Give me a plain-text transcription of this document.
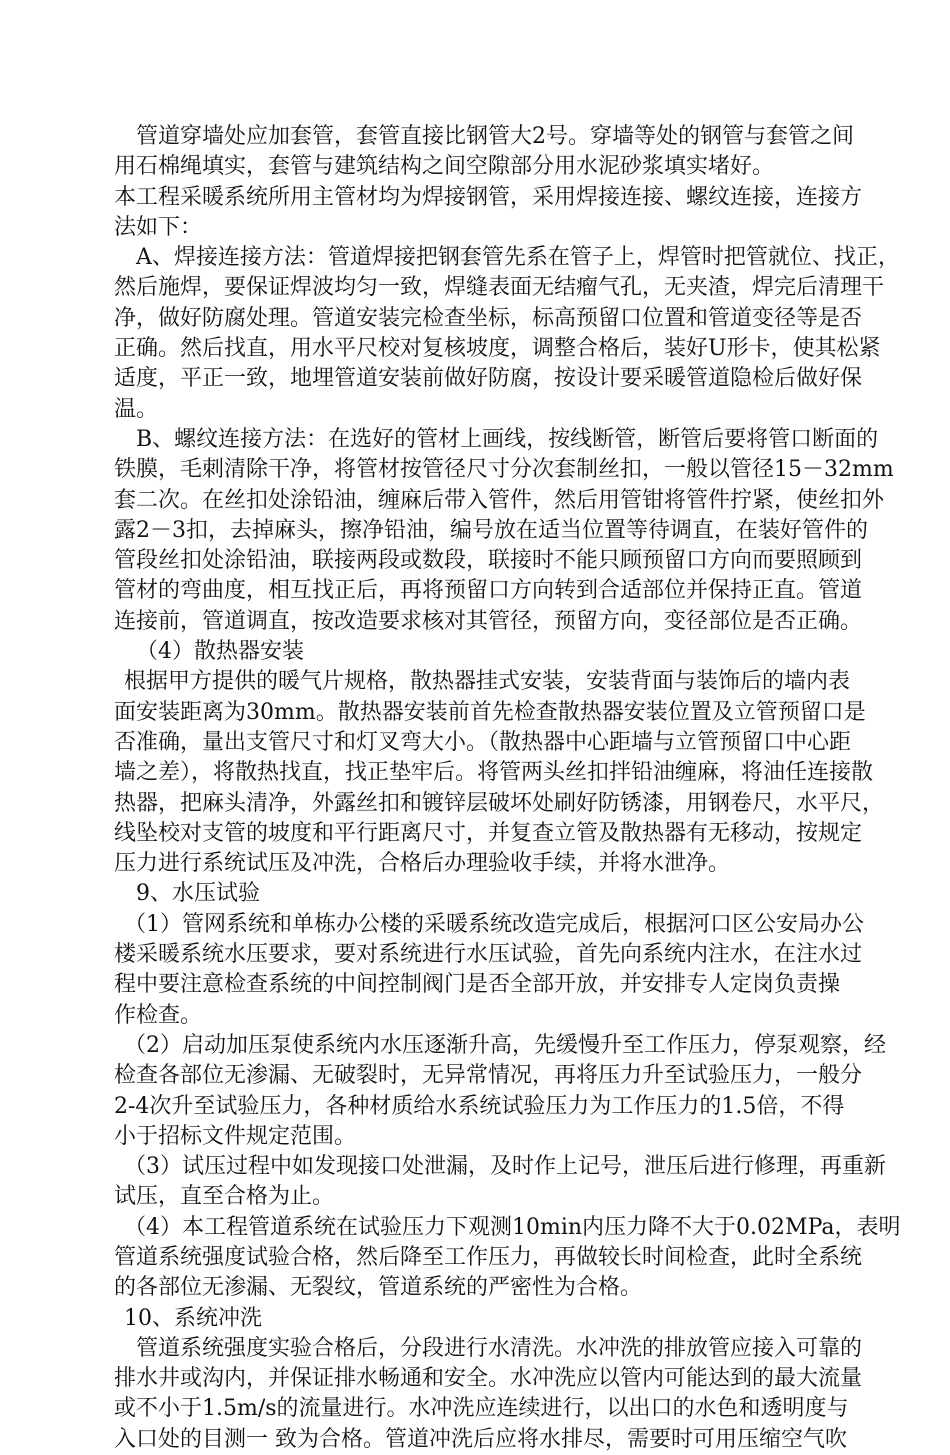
管道穿墙处应加套管，套管直接比钢管大2号。穿墙等处的钢管与套管之间
用石棉绳填实，套管与建筑结构之间空隙部分用水泥砂浆填实堵好。
本工程采暖系统所用主管材均为焊接钢管，采用焊接连接、螺纹连接，连接方
法如下：
A、焊接连接方法：管道焊接把钢套管先系在管子上，焊管时把管就位、找正，
然后施焊，要保证焊波均匀一致，焊缝表面无结瘤气孔，无夹渣，焊完后清理干
净，做好防腐处理。管道安装完检查坐标，标高预留口位置和管道变径等是否
正确。然后找直，用水平尺校对复核坡度，调整合格后，装好U形卡，使其松紧
适度，平正一致，地埋管道安装前做好防腐，按设计要采暖管道隐检后做好保
温。
B、螺纹连接方法：在选好的管材上画线，按线断管，断管后要将管口断面的
铁膜，毛刺清除干净，将管材按管径尺寸分次套制丝扣，一般以管径15－32mm
套二次。在丝扣处涂铅油，缠麻后带入管件，然后用管钳将管件拧紧，使丝扣外
露2－3扣，去掉麻头，擦净铅油，编号放在适当位置等待调直，在装好管件的
管段丝扣处涂铅油，联接两段或数段，联接时不能只顾预留口方向而要照顾到
管材的弯曲度，相互找正后，再将预留口方向转到合适部位并保持正直。管道
连接前，管道调直，按改造要求核对其管径，预留方向，变径部位是否正确。
（4）散热器安装
根据甲方提供的暖气片规格，散热器挂式安装，安装背面与装饰后的墙内表
面安装距离为30mm。散热器安装前首先检查散热器安装位置及立管预留口是
否准确，量出支管尺寸和灯叉弯大小。（散热器中心距墙与立管预留口中心距
墙之差），将散热找直，找正垫牢后。将管两头丝扣拌铅油缠麻，将油任连接散
热器，把麻头清净，外露丝扣和镀锌层破坏处刷好防锈漆，用钢卷尺，水平尺，
线坠校对支管的坡度和平行距离尺寸，并复查立管及散热器有无移动，按规定
压力进行系统试压及冲洗，合格后办理验收手续，并将水泄净。
9、水压试验
（1）管网系统和单栋办公楼的采暖系统改造完成后，根据河口区公安局办公
楼采暖系统水压要求，要对系统进行水压试验，首先向系统内注水，在注水过
程中要注意检查系统的中间控制阀门是否全部开放，并安排专人定岗负责操
作检查。
（2）启动加压泵使系统内水压逐渐升高，先缓慢升至工作压力，停泵观察，经
检查各部位无渗漏、无破裂时，无异常情况，再将压力升至试验压力，一般分
2-4次升至试验压力，各种材质给水系统试验压力为工作压力的1.5倍，不得
小于招标文件规定范围。
（3）试压过程中如发现接口处泄漏，及时作上记号，泄压后进行修理，再重新
试压，直至合格为止。
（4）本工程管道系统在试验压力下观测10min内压力降不大于0.02MPa，表明
管道系统强度试验合格，然后降至工作压力，再做较长时间检查，此时全系统
的各部位无渗漏、无裂纹，管道系统的严密性为合格。
10、系统冲洗
管道系统强度实验合格后，分段进行水清洗。水冲洗的排放管应接入可靠的
排水井或沟内，并保证排水畅通和安全。水冲洗应以管内可能达到的最大流量
或不小于1.5m/s的流量进行。水冲洗应连续进行，以出口的水色和透明度与
入口处的目测一 致为合格。管道冲洗后应将水排尽，需要时可用压缩空气吹
